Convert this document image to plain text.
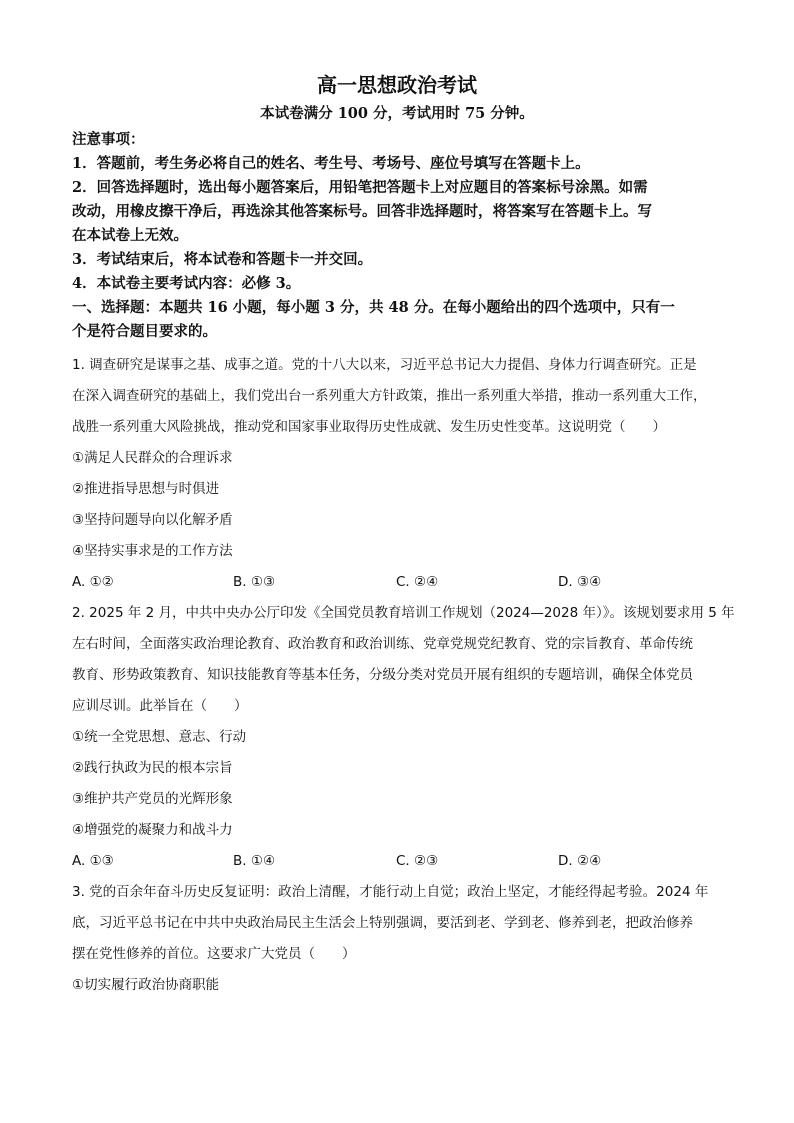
高一思想政治考试
本试卷满分 100 分，考试用时 75 分钟。
注意事项：
1．答题前，考生务必将自己的姓名、考生号、考场号、座位号填写在答题卡上。
2．回答选择题时，选出每小题答案后，用铅笔把答题卡上对应题目的答案标号涂黑。如需
改动，用橡皮擦干净后，再选涂其他答案标号。回答非选择题时，将答案写在答题卡上。写
在本试卷上无效。
3．考试结束后，将本试卷和答题卡一并交回。
4．本试卷主要考试内容：必修 3。
一、选择题：本题共 16 小题，每小题 3 分，共 48 分。在每小题给出的四个选项中，只有一
个是符合题目要求的。
1. 调查研究是谋事之基、成事之道。党的十八大以来，习近平总书记大力提倡、身体力行调查研究。正是
在深入调查研究的基础上，我们党出台一系列重大方针政策，推出一系列重大举措，推动一系列重大工作，
战胜一系列重大风险挑战，推动党和国家事业取得历史性成就、发生历史性变革。这说明党（　　）
①满足人民群众的合理诉求
②推进指导思想与时俱进
③坚持问题导向以化解矛盾
④坚持实事求是的工作方法
A. ①②	B. ①③	C. ②④	D. ③④
2. 2025 年 2 月，中共中央办公厅印发《全国党员教育培训工作规划（2024—2028 年）》。该规划要求用 5 年
左右时间，全面落实政治理论教育、政治教育和政治训练、党章党规党纪教育、党的宗旨教育、革命传统
教育、形势政策教育、知识技能教育等基本任务，分级分类对党员开展有组织的专题培训，确保全体党员
应训尽训。此举旨在（　　）
①统一全党思想、意志、行动
②践行执政为民的根本宗旨
③维护共产党员的光辉形象
④增强党的凝聚力和战斗力
A. ①③	B. ①④	C. ②③	D. ②④
3. 党的百余年奋斗历史反复证明：政治上清醒，才能行动上自觉；政治上坚定，才能经得起考验。2024 年
底，习近平总书记在中共中央政治局民主生活会上特别强调，要活到老、学到老、修养到老，把政治修养
摆在党性修养的首位。这要求广大党员（　　）
①切实履行政治协商职能
